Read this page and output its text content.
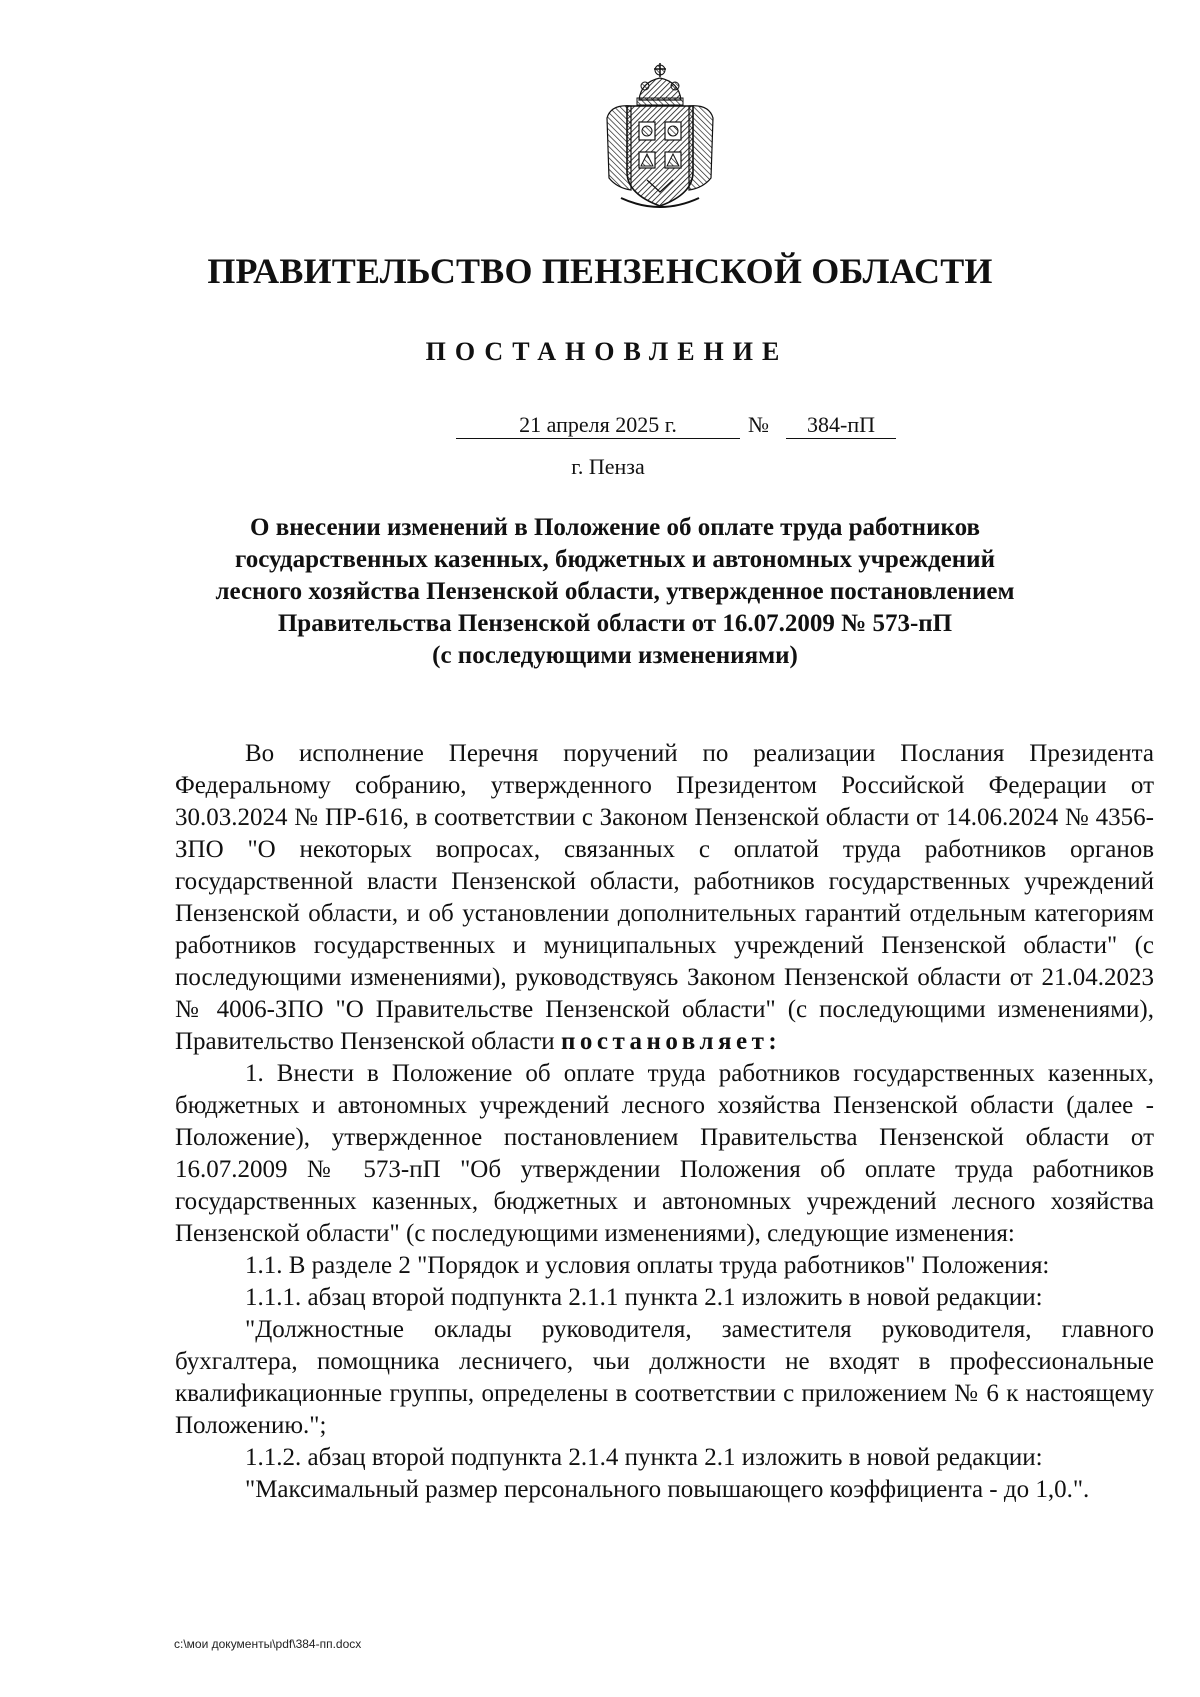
ПРАВИТЕЛЬСТВО ПЕНЗЕНСКОЙ ОБЛАСТИ
ПОСТАНОВЛЕНИЕ
21 апреля 2025 г.	№	384-пП
г. Пенза
О внесении изменений в Положение об оплате труда работников
государственных казенных, бюджетных и автономных учреждений
лесного хозяйства Пензенской области, утвержденное постановлением
Правительства Пензенской области от 16.07.2009 № 573-пП
(с последующими изменениями)

Во исполнение Перечня поручений по реализации Послания Президента Федеральному собранию, утвержденного Президентом Российской Федерации от 30.03.2024 № ПР-616, в соответствии с Законом Пензенской области от 14.06.2024 № 4356-ЗПО "О некоторых вопросах, связанных с оплатой труда работников органов государственной власти Пензенской области, работников государственных учреждений Пензенской области, и об установлении дополнительных гарантий отдельным категориям работников государственных и муниципальных учреждений Пензенской области" (с последующими изменениями), руководствуясь Законом Пензенской области от 21.04.2023 № 4006-ЗПО "О Правительстве Пензенской области" (с последующими изменениями), Правительство Пензенской области постановляет:

1. Внести в Положение об оплате труда работников государственных казенных, бюджетных и автономных учреждений лесного хозяйства Пензенской области (далее - Положение), утвержденное постановлением Правительства Пензенской области от 16.07.2009 № 573-пП "Об утверждении Положения об оплате труда работников государственных казенных, бюджетных и автономных учреждений лесного хозяйства Пензенской области" (с последующими изменениями), следующие изменения:

1.1. В разделе 2 "Порядок и условия оплаты труда работников" Положения:

1.1.1. абзац второй подпункта 2.1.1 пункта 2.1 изложить в новой редакции:

"Должностные оклады руководителя, заместителя руководителя, главного бухгалтера, помощника лесничего, чьи должности не входят в профессиональные квалификационные группы, определены в соответствии с приложением № 6 к настоящему Положению.";

1.1.2. абзац второй подпункта 2.1.4 пункта 2.1 изложить в новой редакции:

"Максимальный размер персонального повышающего коэффициента - до 1,0.".

c:\мои документы\pdf\384-пп.docx
